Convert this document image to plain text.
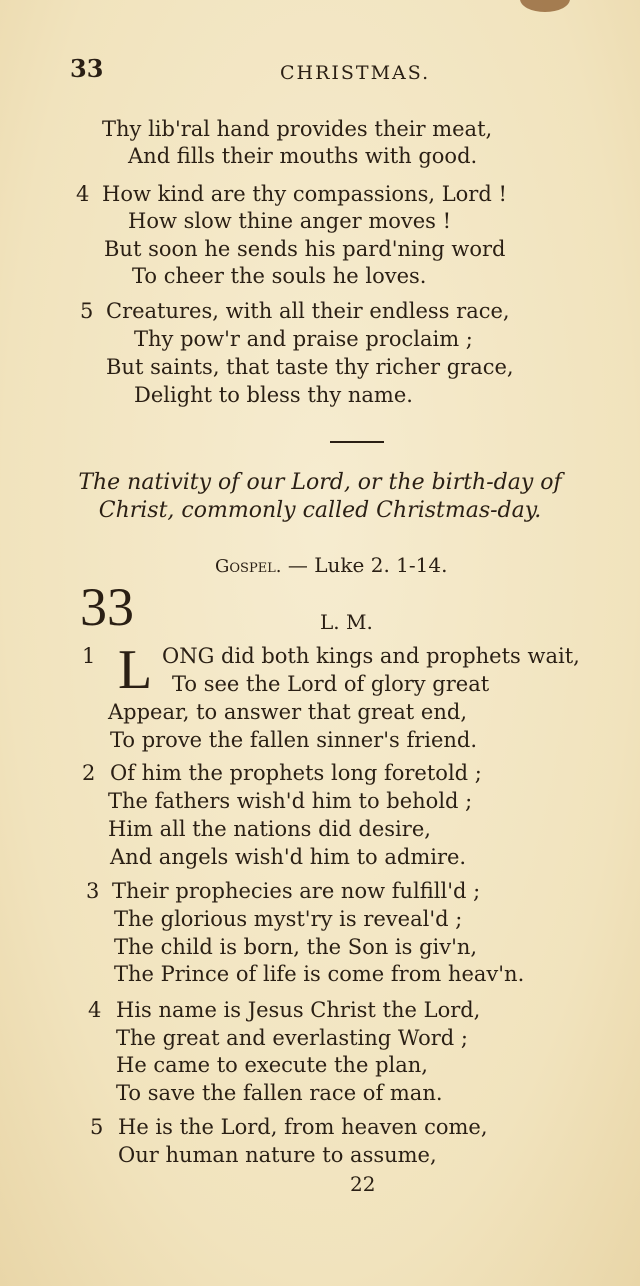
33	CHRISTMAS.
Thy lib'ral hand provides their meat,
And fills their mouths with good.
4 How kind are thy compassions, Lord !
How slow thine anger moves !
But soon he sends his pard'ning word
To cheer the souls he loves.
5 Creatures, with all their endless race,
Thy pow'r and praise proclaim ;
But saints, that taste thy richer grace,
Delight to bless thy name.
The nativity of our Lord, or the birth-day of
Christ, commonly called Christmas-day.
Gospel. — Luke 2. 1-14.
33	L. M.
1 L ONG did both kings and prophets wait,
To see the Lord of glory great
Appear, to answer that great end,
To prove the fallen sinner's friend.
2 Of him the prophets long foretold ;
The fathers wish'd him to behold ;
Him all the nations did desire,
And angels wish'd him to admire.
3 Their prophecies are now fulfill'd ;
The glorious myst'ry is reveal'd ;
The child is born, the Son is giv'n,
The Prince of life is come from heav'n.
4 His name is Jesus Christ the Lord,
The great and everlasting Word ;
He came to execute the plan,
To save the fallen race of man.
5 He is the Lord, from heaven come,
Our human nature to assume,
22
